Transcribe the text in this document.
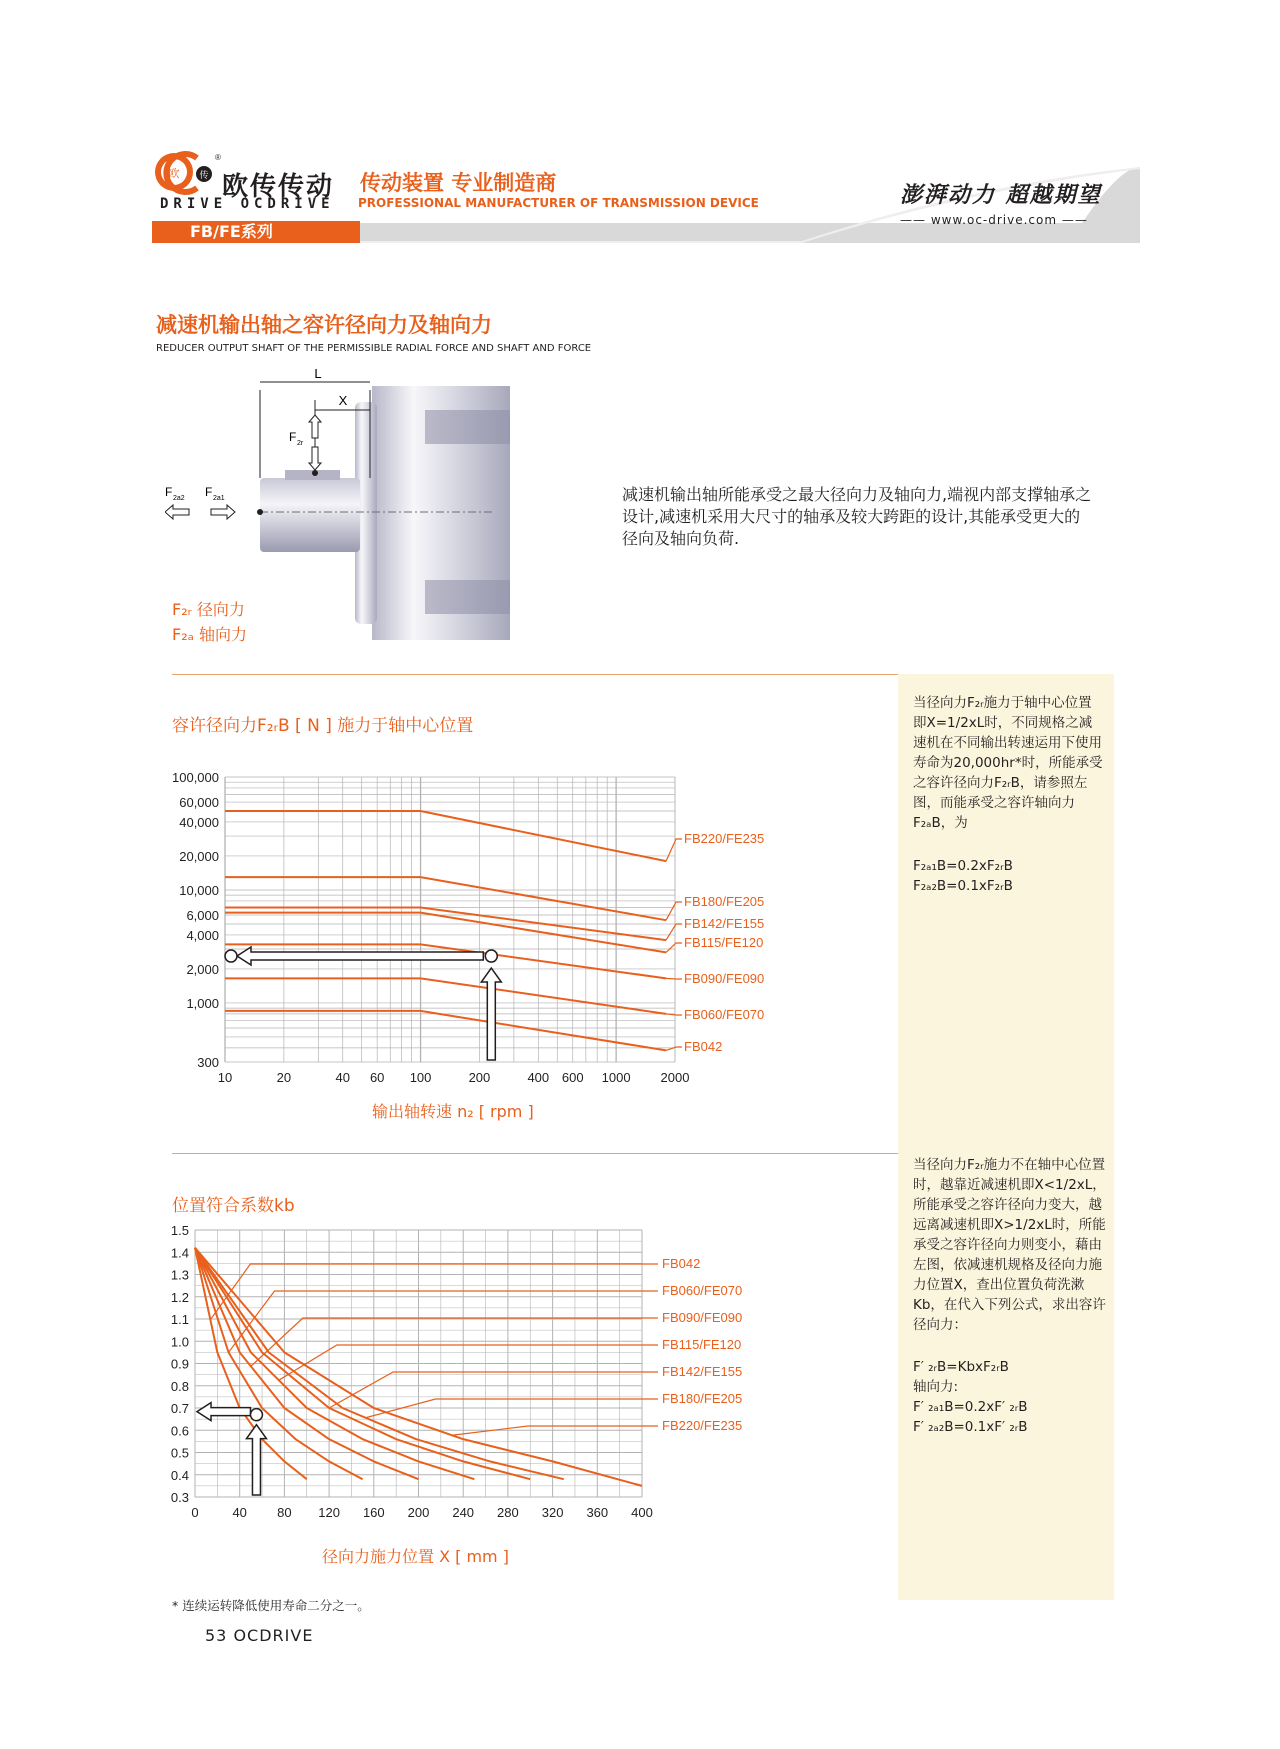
欧 传
®
欧传传动
DRIVE OCDRIVE
传动装置 专业制造商
PROFESSIONAL MANUFACTURER OF TRANSMISSION DEVICE	澎湃动力 超越期望
—— www.oc-drive.com ——
FB/FE系列
减速机输出轴之容许径向力及轴向力
REDUCER OUTPUT SHAFT OF THE PERMISSIBLE RADIAL FORCE AND SHAFT AND FORCE
L
X
F 2r
F 2a2 F 2a1	减速机输出轴所能承受之最大径向力及轴向力,端视内部支撑轴承之设计,减速机采用大尺寸的轴承及较大跨距的设计,其能承受更大的径向及轴向负荷.
F₂ᵣ 径向力
F₂ₐ 轴向力
当径向力F₂ᵣ施力于轴中心位置即X=1/2xL时，不同规格之减速机在不同输出转速运用下使用寿命为20,000hr*时，所能承受之容许径向力F₂ᵣB，请参照左图，而能承受之容许轴向力F₂ₐB，为
F₂ₐ₁B=0.2xF₂ᵣB
F₂ₐ₂B=0.1xF₂ᵣB
当径向力F₂ᵣ施力不在轴中心位置时，越靠近减速机即X<1/2xL，所能承受之容许径向力变大，越远离减速机即X>1/2xL时，所能承受之容许径向力则变小，藉由左图，依减速机规格及径向力施力位置X，查出位置负荷洗漱Kb，在代入下列公式，求出容许径向力：
F′ ₂ᵣB=KbxF₂ᵣB
轴向力:
F′ ₂ₐ₁B=0.2xF′ ₂ᵣB
F′ ₂ₐ₂B=0.1xF′ ₂ᵣB
容许径向力F₂ᵣB [ N ] 施力于轴中心位置
10	20	40 60 100	200	400 600 1000 2000
300
1,000
2,000
4,000
6,000
10,000
20,000
40,000
60,000
100,000
FB220/FE235
FB180/FE205
FB142/FE155
FB115/FE120
FB090/FE090
FB060/FE070
FB042
输出轴转速 n₂ [ rpm ]
位置符合系数kb
0	40 80 120 160 200 240 280 320 360 400
0.3
0.4
0.5
0.6
0.7
0.8
0.9
1.0
1.1
1.2
1.3
1.4
1.5
FB042
FB060/FE070
FB090/FE090
FB115/FE120
FB142/FE155
FB180/FE205
FB220/FE235
径向力施力位置 X [ mm ]
* 连续运转降低使用寿命二分之一。
53 OCDRIVE
